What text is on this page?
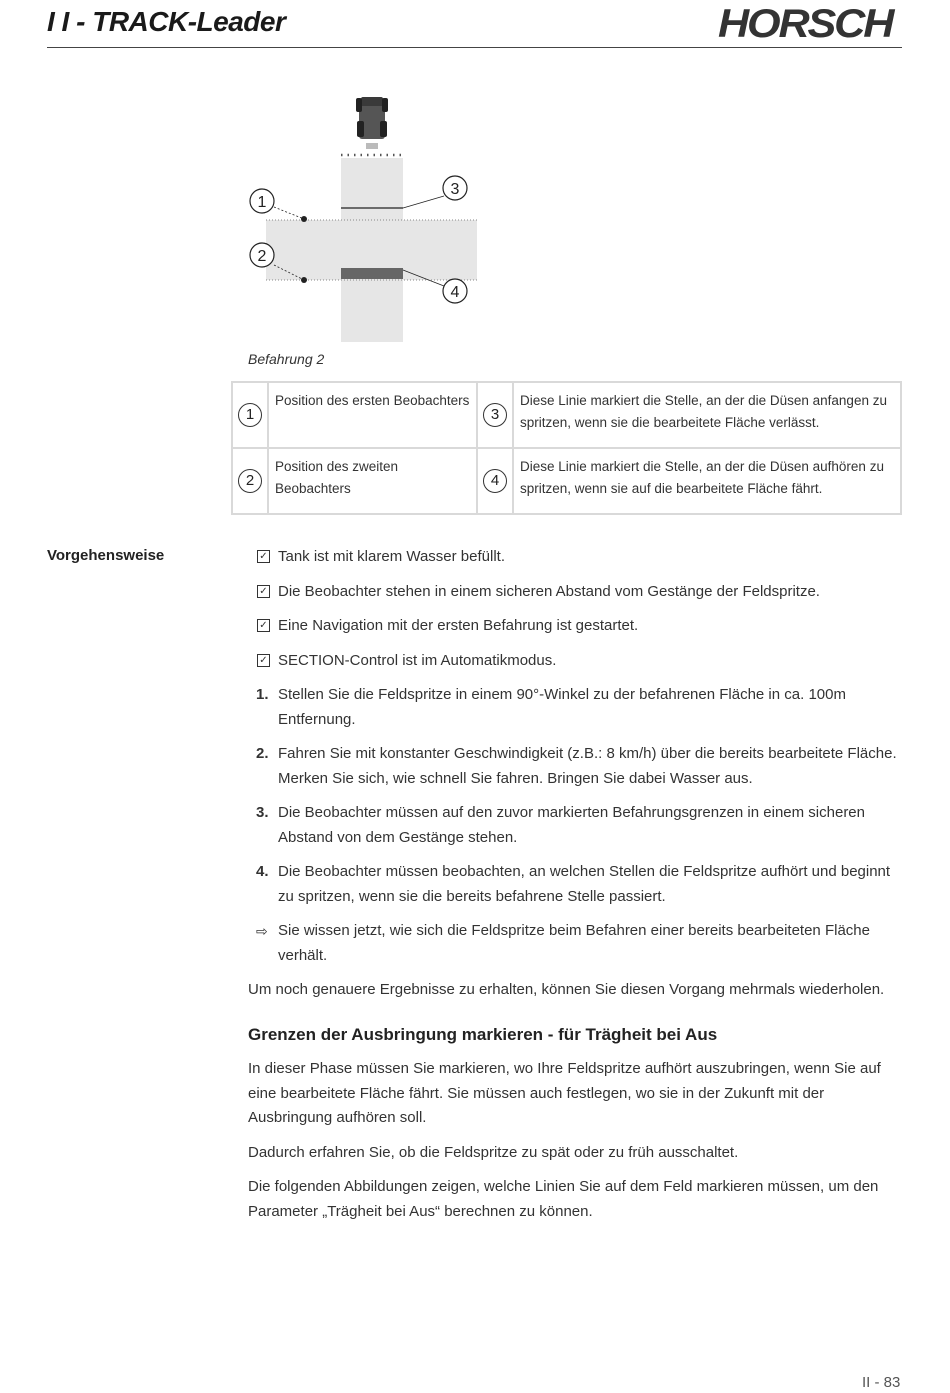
I I - TRACK-Leader	HORSCH
1
2
3
4
Befahrung 2
1	Position des ersten Beobachters	3	Diese Linie markiert die Stelle, an der die Düsen anfangen zu spritzen, wenn sie die bearbeitete Fläche verlässt.
2	Position des zweiten Beobachters	4	Diese Linie markiert die Stelle, an der die Düsen aufhören zu spritzen, wenn sie auf die bearbeitete Fläche fährt.
Vorgehensweise	✓ Tank ist mit klarem Wasser befüllt.
✓ Die Beobachter stehen in einem sicheren Abstand vom Gestänge der Feldspritze.
✓ Eine Navigation mit der ersten Befahrung ist gestartet.
✓ SECTION-Control ist im Automatikmodus.
1. Stellen Sie die Feldspritze in einem 90°-Winkel zu der befahrenen Fläche in ca. 100m Entfernung.
2. Fahren Sie mit konstanter Geschwindigkeit (z.B.: 8 km/h) über die bereits bearbeitete Fläche. Merken Sie sich, wie schnell Sie fahren. Bringen Sie dabei Wasser aus.
3. Die Beobachter müssen auf den zuvor markierten Befahrungsgrenzen in einem sicheren Abstand von dem Gestänge stehen.
4. Die Beobachter müssen beobachten, an welchen Stellen die Feldspritze aufhört und beginnt zu spritzen, wenn sie die bereits befahrene Stelle passiert.
⇨ Sie wissen jetzt, wie sich die Feldspritze beim Befahren einer bereits bearbeiteten Fläche verhält.

Um noch genauere Ergebnisse zu erhalten, können Sie diesen Vorgang mehrmals wiederholen.

Grenzen der Ausbringung markieren - für Trägheit bei Aus

In dieser Phase müssen Sie markieren, wo Ihre Feldspritze aufhört auszubringen, wenn Sie auf eine bearbeitete Fläche fährt. Sie müssen auch festlegen, wo sie in der Zukunft mit der Ausbringung aufhören soll.

Dadurch erfahren Sie, ob die Feldspritze zu spät oder zu früh ausschaltet.

Die folgenden Abbildungen zeigen, welche Linien Sie auf dem Feld markieren müssen, um den Parameter „Trägheit bei Aus“ berechnen zu können.

II - 83
